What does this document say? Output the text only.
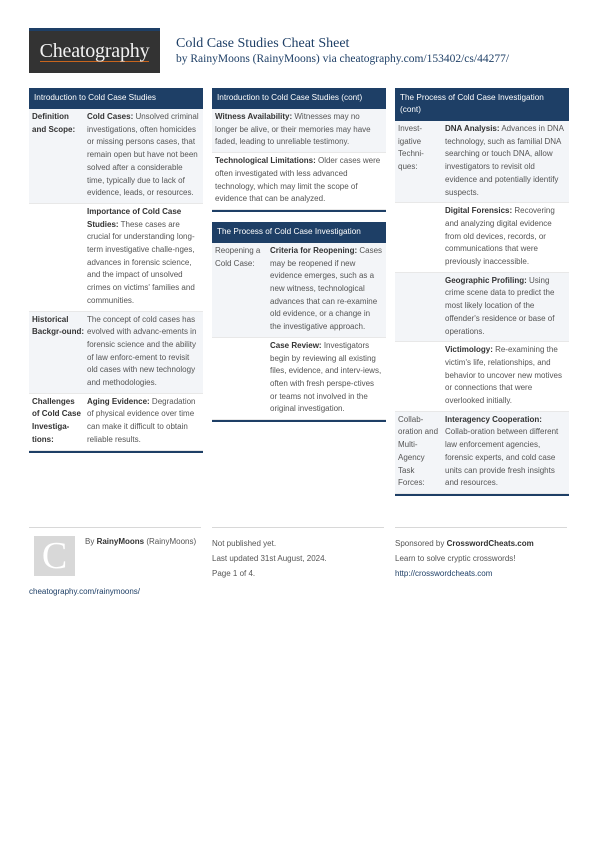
Cheatography Cold Case Studies Cheat Sheet
by RainyMoons (RainyMoons) via cheatography.com/153402/cs/44277/
Introduction to Cold Case Studies
Definition and Scope:
Cold Cases: Unsolved criminal investigations, often homicides or missing persons cases, that remain open but have not been solved after a considerable time, typically due to lack of evidence, leads, or resources.
Importance of Cold Case Studies: These cases are crucial for understanding long-term investigative challe-nges, advances in forensic science, and the impact of unsolved crimes on victims' families and communities.
Historical Backgr-ound:
The concept of cold cases has evolved with advanc-ements in forensic science and the ability of law enforc-ement to revisit old cases with new technology and methodologies.
Challenges of Cold Case Investiga-tions:
Aging Evidence: Degradation of physical evidence over time can make it difficult to obtain reliable results.
Introduction to Cold Case Studies (cont)
Witness Availability: Witnesses may no longer be alive, or their memories may have faded, leading to unreliable testimony.
Technological Limitations: Older cases were often investigated with less advanced technology, which may limit the scope of evidence that can be analyzed.
The Process of Cold Case Investigation
Reopening a Cold Case:
Criteria for Reopening: Cases may be reopened if new evidence emerges, such as a new witness, technological advances that can re-examine old evidence, or a change in the investigative approach.
Case Review: Investigators begin by reviewing all existing files, evidence, and interv-iews, often with fresh perspe-ctives or teams not involved in the original investigation.
The Process of Cold Case Investigation (cont)
Invest-igative Techni-ques:
DNA Analysis: Advances in DNA technology, such as familial DNA searching or touch DNA, allow investigators to revisit old evidence and potentially identify suspects.
Digital Forensics: Recovering and analyzing digital evidence from old devices, records, or communications that were previously inaccessible.
Geographic Profiling: Using crime scene data to predict the most likely location of the offender's residence or base of operations.
Victimology: Re-examining the victim's life, relationships, and behavior to uncover new motives or connections that were overlooked initially.
Collab-oration and Multi-Agency Task Forces:
Interagency Cooperation: Collab-oration between different law enforcement agencies, forensic experts, and cold case units can provide fresh insights and resources.
C	By RainyMoons (RainyMoons)
cheatography.com/rainymoons/
Not published yet.
Last updated 31st August, 2024.
Page 1 of 4.
Sponsored by CrosswordCheats.com
Learn to solve cryptic crosswords!
http://crosswordcheats.com
